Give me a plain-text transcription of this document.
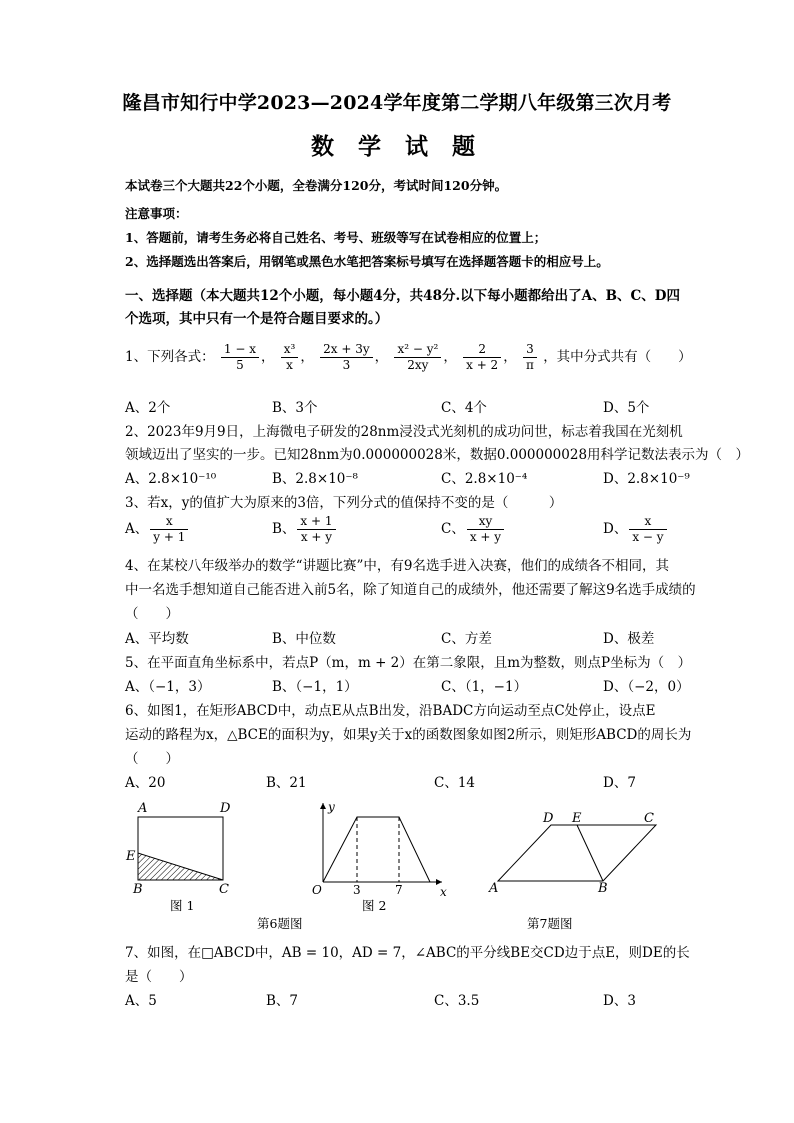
隆昌市知行中学2023—2024学年度第二学期八年级第三次月考
数 学 试 题
本试卷三个大题共22个小题，全卷满分120分，考试时间120分钟。
注意事项：
1、答题前，请考生务必将自己姓名、考号、班级等写在试卷相应的位置上；
2、选择题选出答案后，用钢笔或黑色水笔把答案标号填写在选择题答题卡的相应号上。
一、选择题（本大题共12个小题，每小题4分，共48分.以下每小题都给出了A、B、C、D四
个选项，其中只有一个是符合题目要求的。）
1、下列各式： $\frac{1 - x}{5}$ ， $\frac{\text{x³}}{x}$ ， $\frac{2x + 3y}{3}$ ， $\frac{\text{x² − y²}}{2xy}$ ， $\frac{2}{x + 2}$ ， $\frac{3}{\pi}$ ，其中分式共有（　　）
A、2个	B、3个	C、4个	D、5个
2、2023年9月9日，上海微电子研发的28nm浸没式光刻机的成功问世，标志着我国在光刻机
领域迈出了坚实的一步。已知28nm为0.000000028米，数据0.000000028用科学记数法表示为（　）
A、2.8×10⁻¹⁰	B、2.8×10⁻⁸	C、2.8×10⁻⁴	D、2.8×10⁻⁹
3、若x，y的值扩大为原来的3倍，下列分式的值保持不变的是（　　　）
A、 $\frac{x}{y + 1}$	B、 $\frac{x + 1}{x + y}$	C、 $\frac{xy}{x + y}$	D、 $\frac{x}{x - y}$
4、在某校八年级举办的数学“讲题比赛”中，有9名选手进入决赛，他们的成绩各不相同，其
中一名选手想知道自己能否进入前5名，除了知道自己的成绩外，他还需要了解这9名选手成绩的
（　　）
A、平均数	B、中位数	C、方差	D、极差
5、在平面直角坐标系中，若点P（m，m + 2）在第二象限，且m为整数，则点P坐标为（　）
A、（−1，3）	B、（−1，1）	C、（1，−1）	D、（−2，0）
6、如图1，在矩形ABCD中，动点E从点B出发，沿BADC方向运动至点C处停止，设点E
运动的路程为x，△BCE的面积为y，如果y关于x的函数图象如图2所示，则矩形ABCD的周长为
（　　）
A、20	B、21	C、14	D、7
A	D
E
B	C
y
x
O	3	7
D E	C
A	B
图 1	图 2
第6题图	第7题图
7、如图，在□ABCD中，AB = 10，AD = 7，∠ABC的平分线BE交CD边于点E，则DE的长
是（　　）
A、5	B、7	C、3.5	D、3
